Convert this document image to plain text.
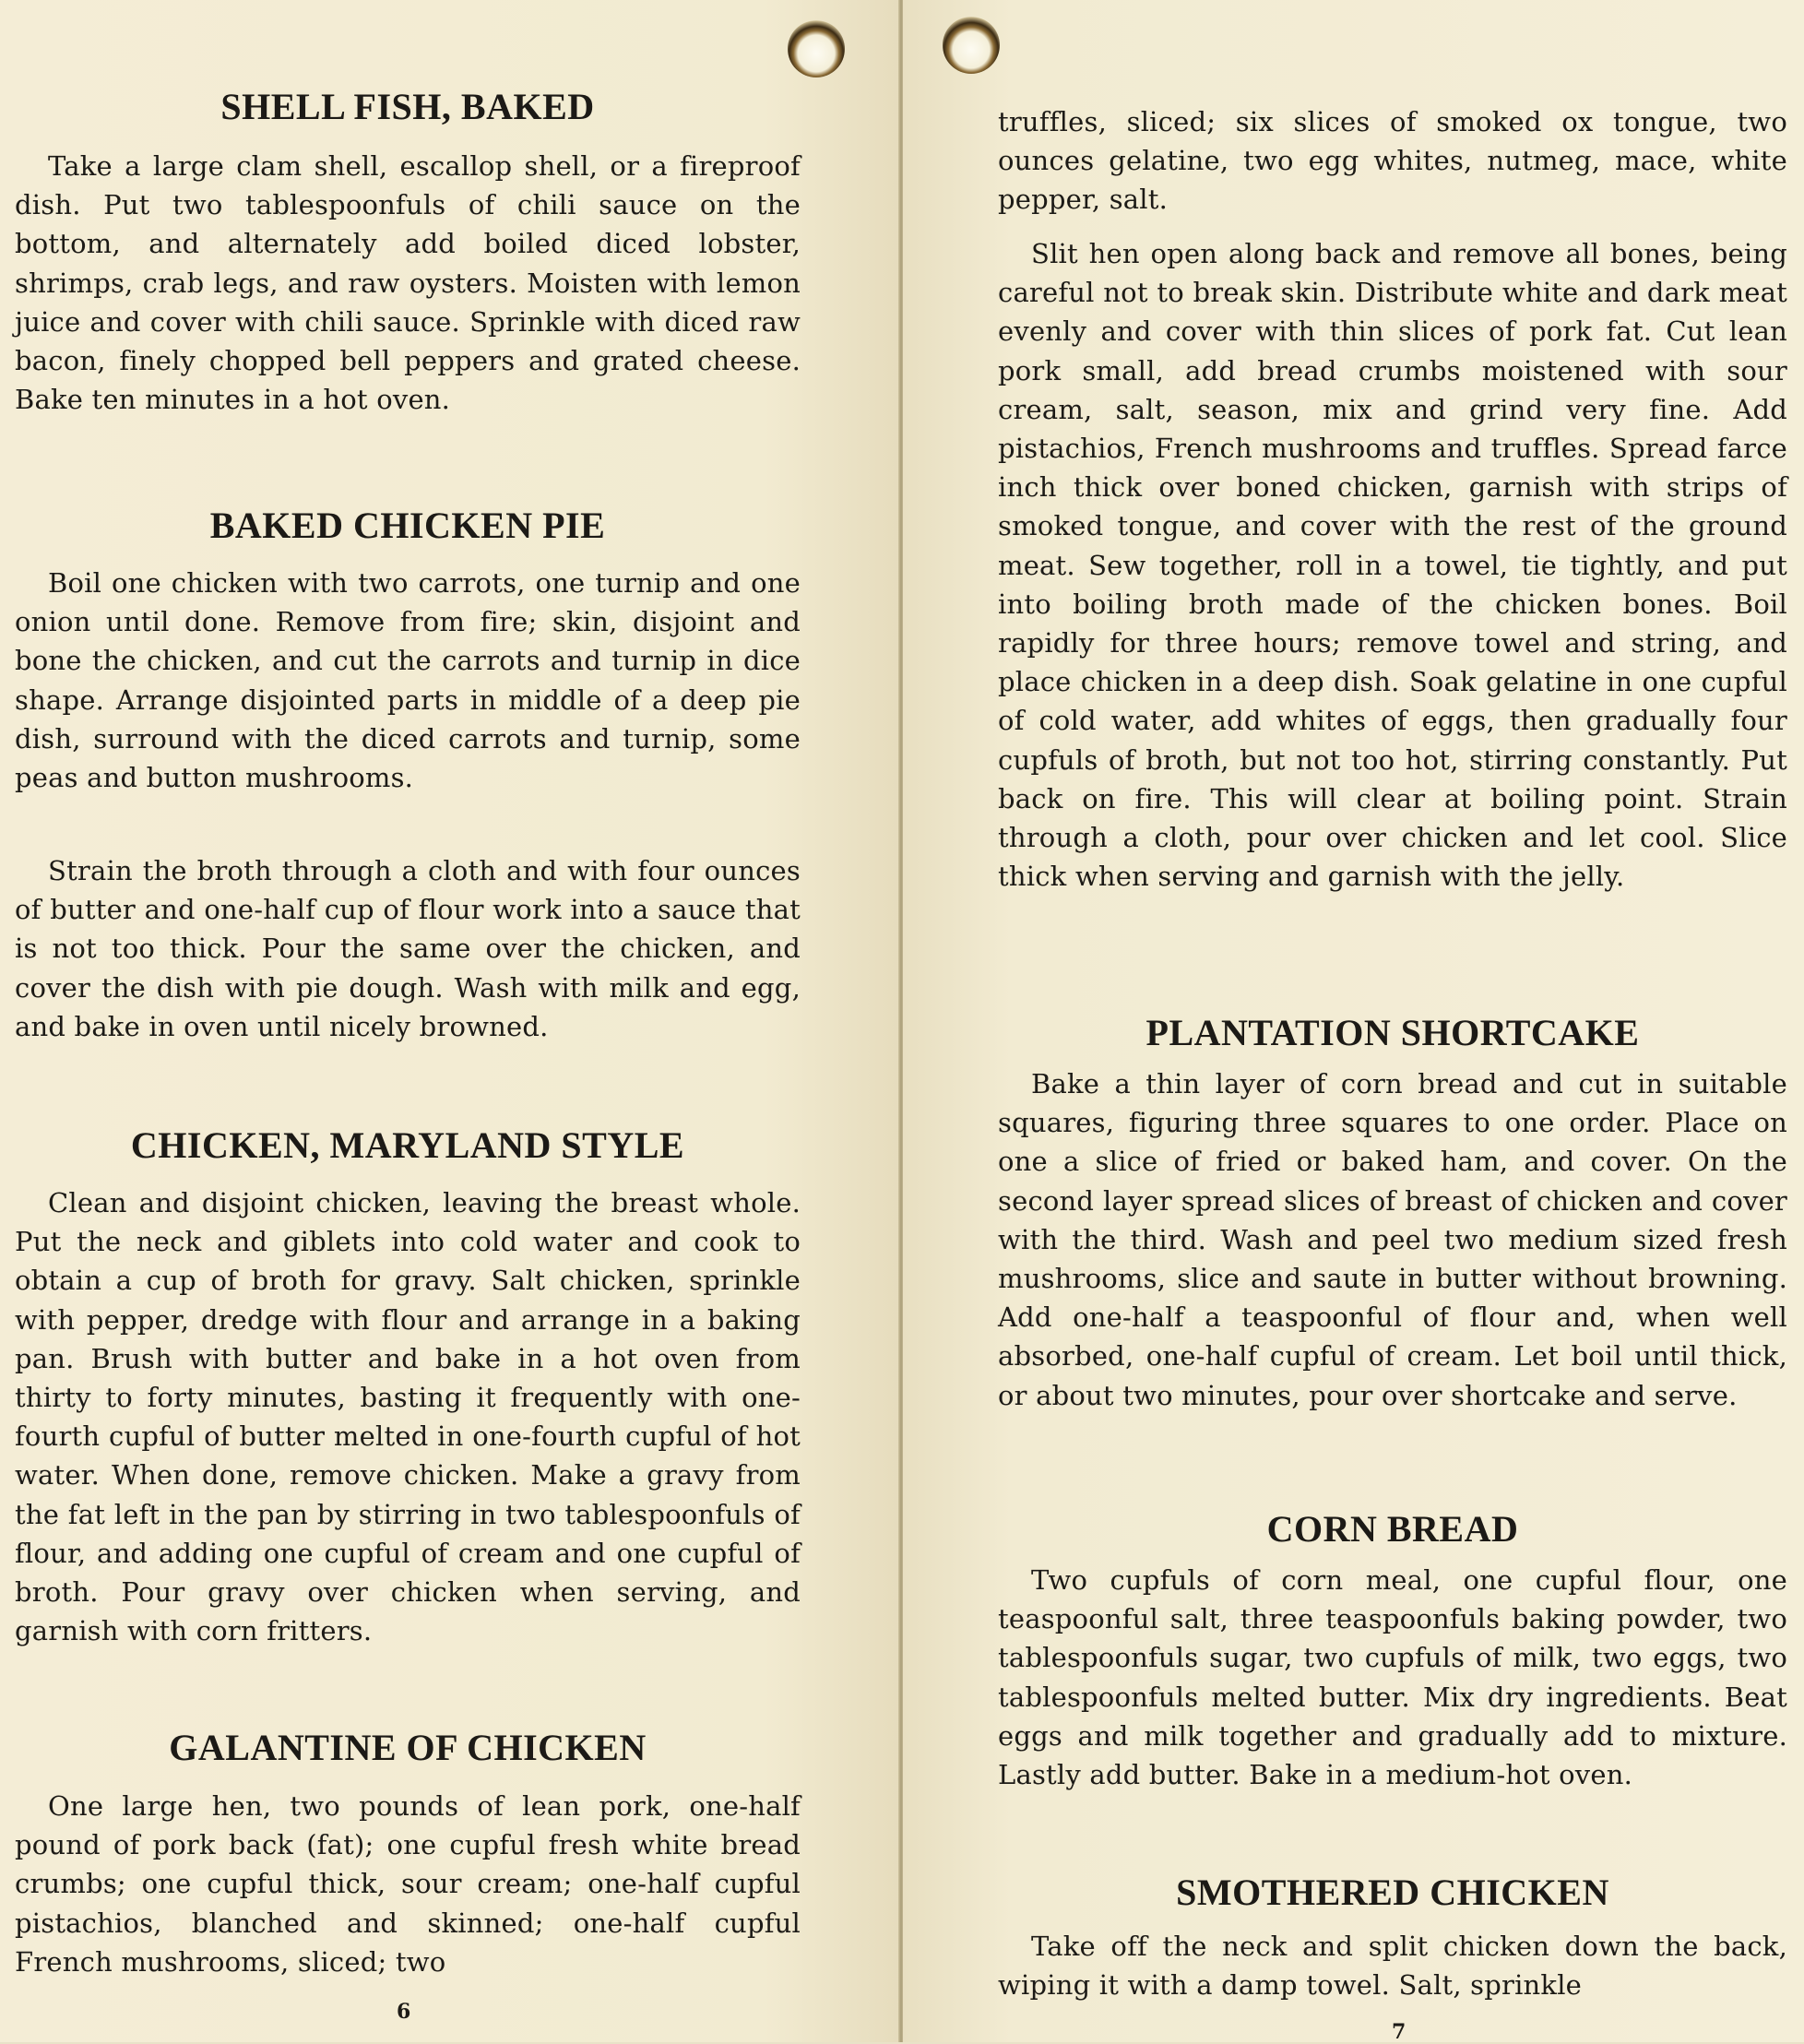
SHELL FISH, BAKED

Take a large clam shell, escallop shell, or a fireproof dish. Put two tablespoonfuls of chili sauce on the bottom, and alternately add boiled diced lobster, shrimps, crab legs, and raw oysters. Moisten with lemon juice and cover with chili sauce. Sprinkle with diced raw bacon, finely chopped bell peppers and grated cheese. Bake ten minutes in a hot oven.

BAKED CHICKEN PIE

Boil one chicken with two carrots, one turnip and one onion until done. Remove from fire; skin, disjoint and bone the chicken, and cut the carrots and turnip in dice shape. Arrange disjointed parts in middle of a deep pie dish, surround with the diced carrots and turnip, some peas and button mushrooms.

Strain the broth through a cloth and with four ounces of butter and one-half cup of flour work into a sauce that is not too thick. Pour the same over the chicken, and cover the dish with pie dough. Wash with milk and egg, and bake in oven until nicely browned.

CHICKEN, MARYLAND STYLE

Clean and disjoint chicken, leaving the breast whole. Put the neck and giblets into cold water and cook to obtain a cup of broth for gravy. Salt chicken, sprinkle with pepper, dredge with flour and arrange in a baking pan. Brush with butter and bake in a hot oven from thirty to forty minutes, basting it frequently with one-fourth cupful of butter melted in one-fourth cupful of hot water. When done, remove chicken. Make a gravy from the fat left in the pan by stirring in two tablespoonfuls of flour, and adding one cupful of cream and one cupful of broth. Pour gravy over chicken when serving, and garnish with corn fritters.

GALANTINE OF CHICKEN

One large hen, two pounds of lean pork, one-half pound of pork back (fat); one cupful fresh white bread crumbs; one cupful thick, sour cream; one-half cupful pistachios, blanched and skinned; one-half cupful French mushrooms, sliced; two

6

truffles, sliced; six slices of smoked ox tongue, two ounces gelatine, two egg whites, nutmeg, mace, white pepper, salt.

Slit hen open along back and remove all bones, being careful not to break skin. Distribute white and dark meat evenly and cover with thin slices of pork fat. Cut lean pork small, add bread crumbs moistened with sour cream, salt, season, mix and grind very fine. Add pistachios, French mushrooms and truffles. Spread farce inch thick over boned chicken, garnish with strips of smoked tongue, and cover with the rest of the ground meat. Sew together, roll in a towel, tie tightly, and put into boiling broth made of the chicken bones. Boil rapidly for three hours; remove towel and string, and place chicken in a deep dish. Soak gelatine in one cupful of cold water, add whites of eggs, then gradually four cupfuls of broth, but not too hot, stirring constantly. Put back on fire. This will clear at boiling point. Strain through a cloth, pour over chicken and let cool. Slice thick when serving and garnish with the jelly.

PLANTATION SHORTCAKE

Bake a thin layer of corn bread and cut in suitable squares, figuring three squares to one order. Place on one a slice of fried or baked ham, and cover. On the second layer spread slices of breast of chicken and cover with the third. Wash and peel two medium sized fresh mushrooms, slice and saute in butter without browning. Add one-half a teaspoonful of flour and, when well absorbed, one-half cupful of cream. Let boil until thick, or about two minutes, pour over shortcake and serve.

CORN BREAD

Two cupfuls of corn meal, one cupful flour, one teaspoonful salt, three teaspoonfuls baking powder, two tablespoonfuls sugar, two cupfuls of milk, two eggs, two tablespoonfuls melted butter. Mix dry ingredients. Beat eggs and milk together and gradually add to mixture. Lastly add butter. Bake in a medium-hot oven.

SMOTHERED CHICKEN

Take off the neck and split chicken down the back, wiping it with a damp towel. Salt, sprinkle

7
